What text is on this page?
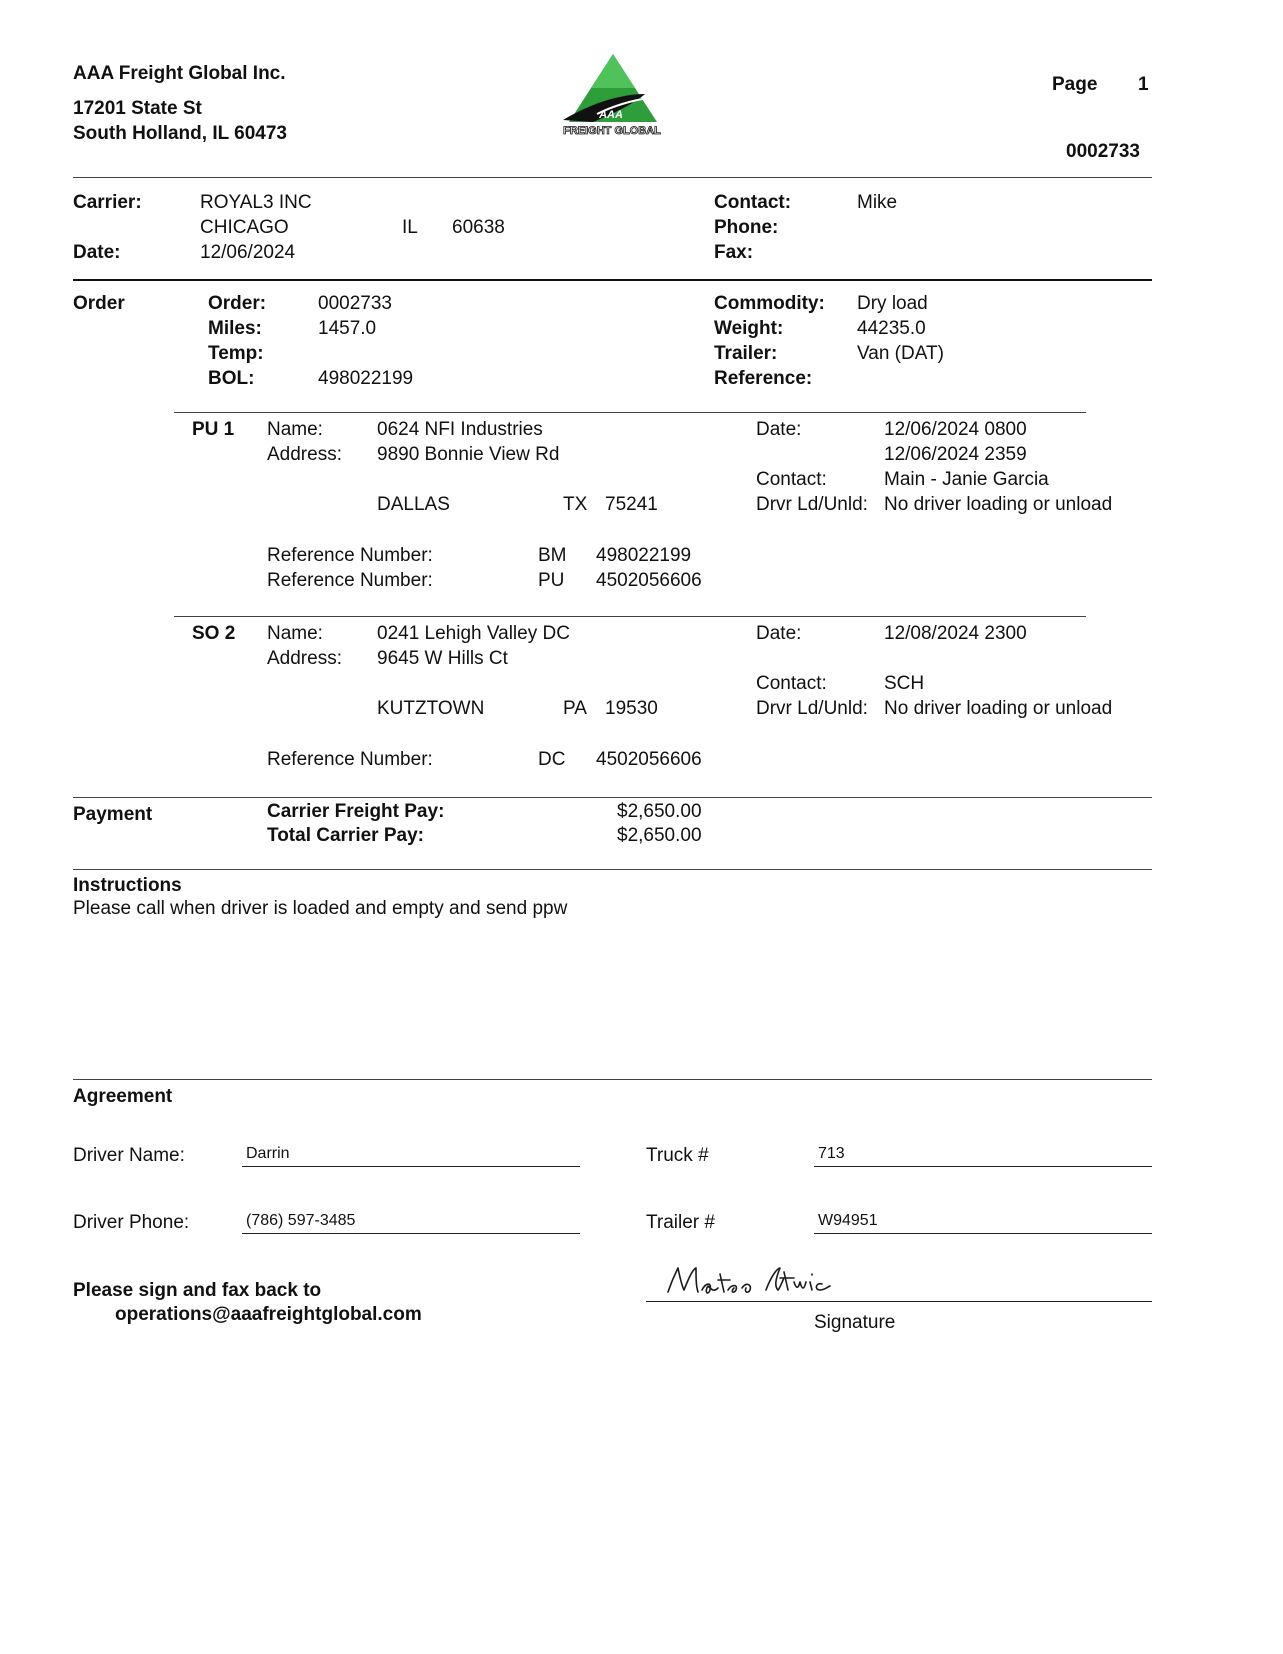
AAA Freight Global Inc.
17201 State St
South Holland, IL 60473
AAA
FREIGHT GLOBAL
Page 1
0002733
Carrier:	ROYAL3 INC
CHICAGO	IL 60638
Date:	12/06/2024
Contact:	Mike
Phone:
Fax:
Order	Order:	0002733
Miles:	1457.0
Temp:
BOL:	498022199
Commodity: Dry load
Weight:	44235.0
Trailer:	Van (DAT)
Reference:
PU 1 Name:	0624 NFI Industries
Address: 9890 Bonnie View Rd
DALLAS	TX 75241
Date:	12/06/2024 0800
12/06/2024 2359
Contact:	Main - Janie Garcia
Drvr Ld/Unld: No driver loading or unload
Reference Number:	BM 498022199
Reference Number:	PU 4502056606
SO 2 Name:	0241 Lehigh Valley DC
Address: 9645 W Hills Ct
KUTZTOWN	PA 19530
Date:	12/08/2024 2300
Contact:	SCH
Drvr Ld/Unld: No driver loading or unload
Reference Number:	DC 4502056606
Payment	Carrier Freight Pay:	$2,650.00
Total Carrier Pay:	$2,650.00
Instructions
Please call when driver is loaded and empty and send ppw
Agreement
Driver Name:	Darrin	Truck #	713
Driver Phone:	(786) 597-3485	Trailer #	W94951
Please sign and fax back to
operations@aaafreightglobal.com	Signature
